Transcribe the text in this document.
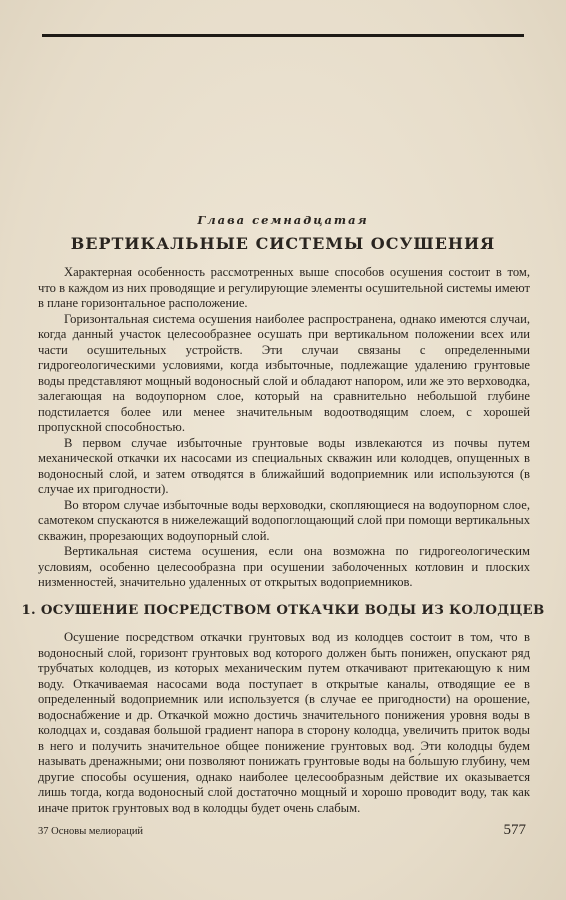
Глава семнадцатая
ВЕРТИКАЛЬНЫЕ СИСТЕМЫ ОСУШЕНИЯ

Характерная особенность рассмотренных выше способов осушения состоит в том, что в каждом из них проводящие и регулирующие элементы осушительной системы имеют в плане горизонтальное расположение.

Горизонтальная система осушения наиболее распространена, однако имеются случаи, когда данный участок целесообразнее осушать при вертикальном положении всех или части осушительных устройств. Эти случаи связаны с определенными гидрогеологическими условиями, когда избыточные, подлежащие удалению грунтовые воды представляют мощный водоносный слой и обладают напором, или же это верховодка, залегающая на водоупорном слое, который на сравнительно небольшой глубине подстилается более или менее значительным водоотводящим слоем, с хорошей пропускной способностью.

В первом случае избыточные грунтовые воды извлекаются из почвы путем механической откачки их насосами из специальных скважин или колодцев, опущенных в водоносный слой, и затем отводятся в ближайший водоприемник или используются (в случае их пригодности).

Во втором случае избыточные воды верховодки, скопляющиеся на водоупорном слое, самотеком спускаются в нижележащий водопоглощающий слой при помощи вертикальных скважин, прорезающих водоупорный слой.

Вертикальная система осушения, если она возможна по гидрогеологическим условиям, особенно целесообразна при осушении заболоченных котловин и плоских низменностей, значительно удаленных от открытых водоприемников.

1. ОСУШЕНИЕ ПОСРЕДСТВОМ ОТКАЧКИ ВОДЫ ИЗ КОЛОДЦЕВ

Осушение посредством откачки грунтовых вод из колодцев состоит в том, что в водоносный слой, горизонт грунтовых вод которого должен быть понижен, опускают ряд трубчатых колодцев, из которых механическим путем откачивают притекающую к ним воду. Откачиваемая насосами вода поступает в открытые каналы, отводящие ее в определенный водоприемник или используется (в случае ее пригодности) на орошение, водоснабжение и др. Откачкой можно достичь значительного понижения уровня воды в колодцах и, создавая большой градиент напора в сторону колодца, увеличить приток воды в него и получить значительное общее понижение грунтовых вод. Эти колодцы будем называть дренажными; они позволяют понижать грунтовые воды на бо́льшую глубину, чем другие способы осушения, однако наиболее целесообразным действие их оказывается лишь тогда, когда водоносный слой достаточно мощный и хорошо проводит воду, так как иначе приток грунтовых вод в колодцы будет очень слабым.

37 Основы мелиораций	577
